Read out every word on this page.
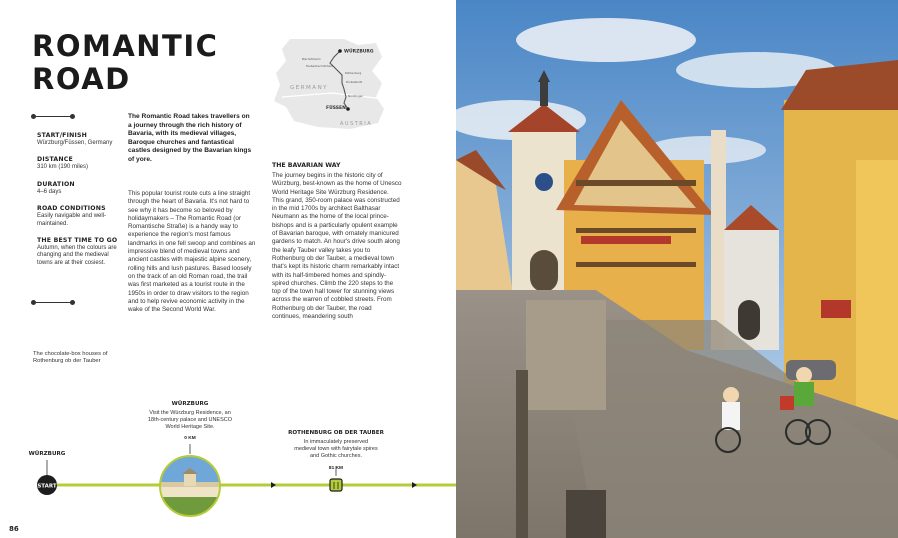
ROMANTIC
ROAD
START/FINISH
Würzburg/Füssen, Germany
DISTANCE
310 km (190 miles)
DURATION
4–6 days
ROAD CONDITIONS
Easily navigable and well-maintained.
THE BEST TIME TO GO
Autumn, when the colours are changing and the medieval towns are at their cosiest.
The chocolate-box houses of Rothenburg ob der Tauber

The Romantic Road takes travellers on a journey through the rich history of Bavaria, with its medieval villages, Baroque churches and fantastical castles designed by the Bavarian kings of yore.

This popular tourist route cuts a line straight through the heart of Bavaria. It's not hard to see why it has become so beloved by holidaymakers – The Romantic Road (or Romantische Straße) is a handy way to experience the region's most famous landmarks in one fell swoop and combines an impressive blend of medieval towns and ancient castles with majestic alpine scenery, rolling hills and lush pastures. Based loosely on the track of an old Roman road, the trail was first marketed as a tourist route in the 1950s in order to draw visitors to the region and to help revive economic activity in the wake of the Second World War.

THE BAVARIAN WAY

The journey begins in the historic city of Würzburg, best-known as the home of Unesco World Heritage Site Würzburg Residence. This grand, 350-room palace was constructed in the mid 1700s by architect Balthasar Neumann as the home of the local prince-bishops and is a particularly opulent example of Bavarian baroque, with ornately manicured gardens to match. An hour's drive south along the leafy Tauber valley takes you to Rothenburg ob der Tauber, a medieval town that's kept its historic charm remarkably intact with its half-timbered homes and spindly-spired churches. Climb the 220 steps to the top of the town hall tower for stunning views across the warren of cobbled streets. From Rothenburg ob der Tauber, the road continues, meandering south

WÜRZBURG
Bischofsheim
Tauberbischofsheim
Rothenburg
Dinkelsbühl
Nördlingen
GERMANY
FÜSSEN
AUSTRIA
START
WÜRZBURG
WÜRZBURG
Visit the Würzburg Residence, an 18th-century palace and UNESCO World Heritage Site.
0 KM
ROTHENBURG OB DER TAUBER
In immaculately preserved medieval town with fairytale spires and Gothic churches.
81 KM
86
